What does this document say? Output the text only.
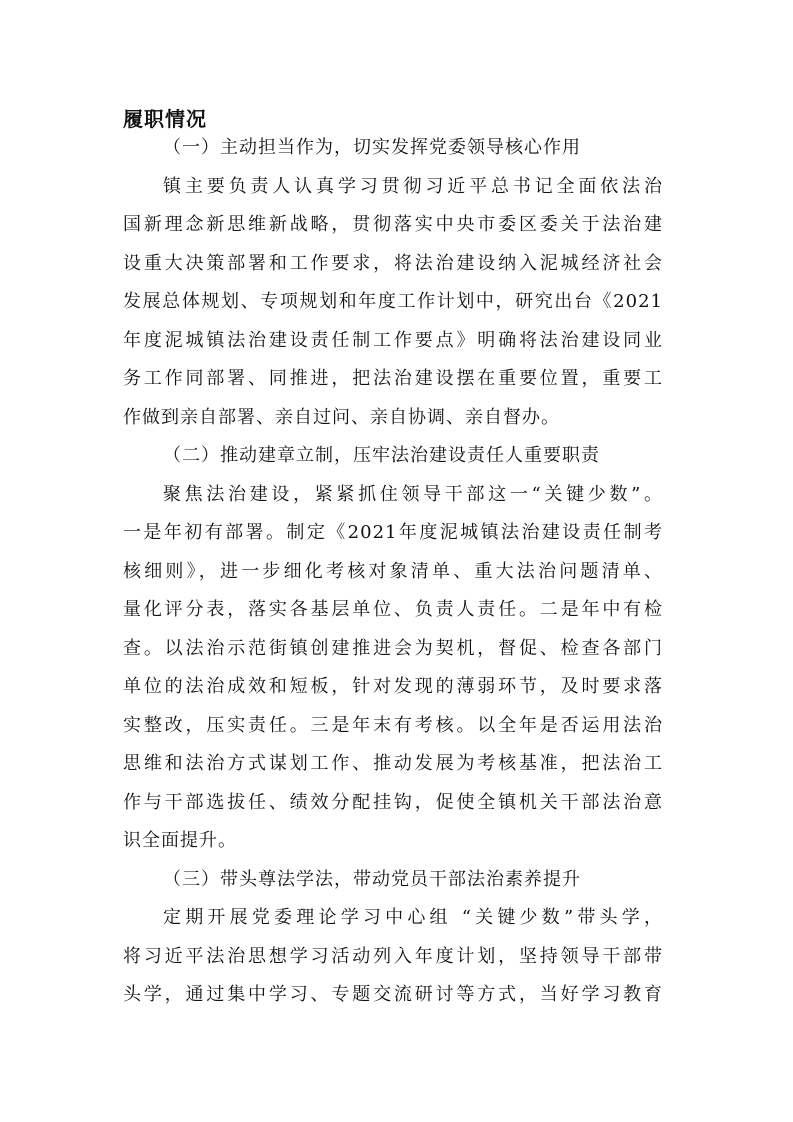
履职情况
（一）主动担当作为，切实发挥党委领导核心作用
镇主要负责人认真学习贯彻习近平总书记全面依法治
国新理念新思维新战略，贯彻落实中央市委区委关于法治建
设重大决策部署和工作要求，将法治建设纳入泥城经济社会
发展总体规划、专项规划和年度工作计划中，研究出台《2021
年度泥城镇法治建设责任制工作要点》明确将法治建设同业
务工作同部署、同推进，把法治建设摆在重要位置，重要工
作做到亲自部署、亲自过问、亲自协调、亲自督办。
（二）推动建章立制，压牢法治建设责任人重要职责
聚焦法治建设，紧紧抓住领导干部这一“关键少数”。
一是年初有部署。制定《2021年度泥城镇法治建设责任制考
核细则》，进一步细化考核对象清单、重大法治问题清单、
量化评分表，落实各基层单位、负责人责任。二是年中有检
查。以法治示范街镇创建推进会为契机，督促、检查各部门
单位的法治成效和短板，针对发现的薄弱环节，及时要求落
实整改，压实责任。三是年末有考核。以全年是否运用法治
思维和法治方式谋划工作、推动发展为考核基准，把法治工
作与干部选拔任、绩效分配挂钩，促使全镇机关干部法治意
识全面提升。
（三）带头尊法学法，带动党员干部法治素养提升
定期开展党委理论学习中心组 “关键少数”带头学，
将习近平法治思想学习活动列入年度计划，坚持领导干部带
头学，通过集中学习、专题交流研讨等方式，当好学习教育
